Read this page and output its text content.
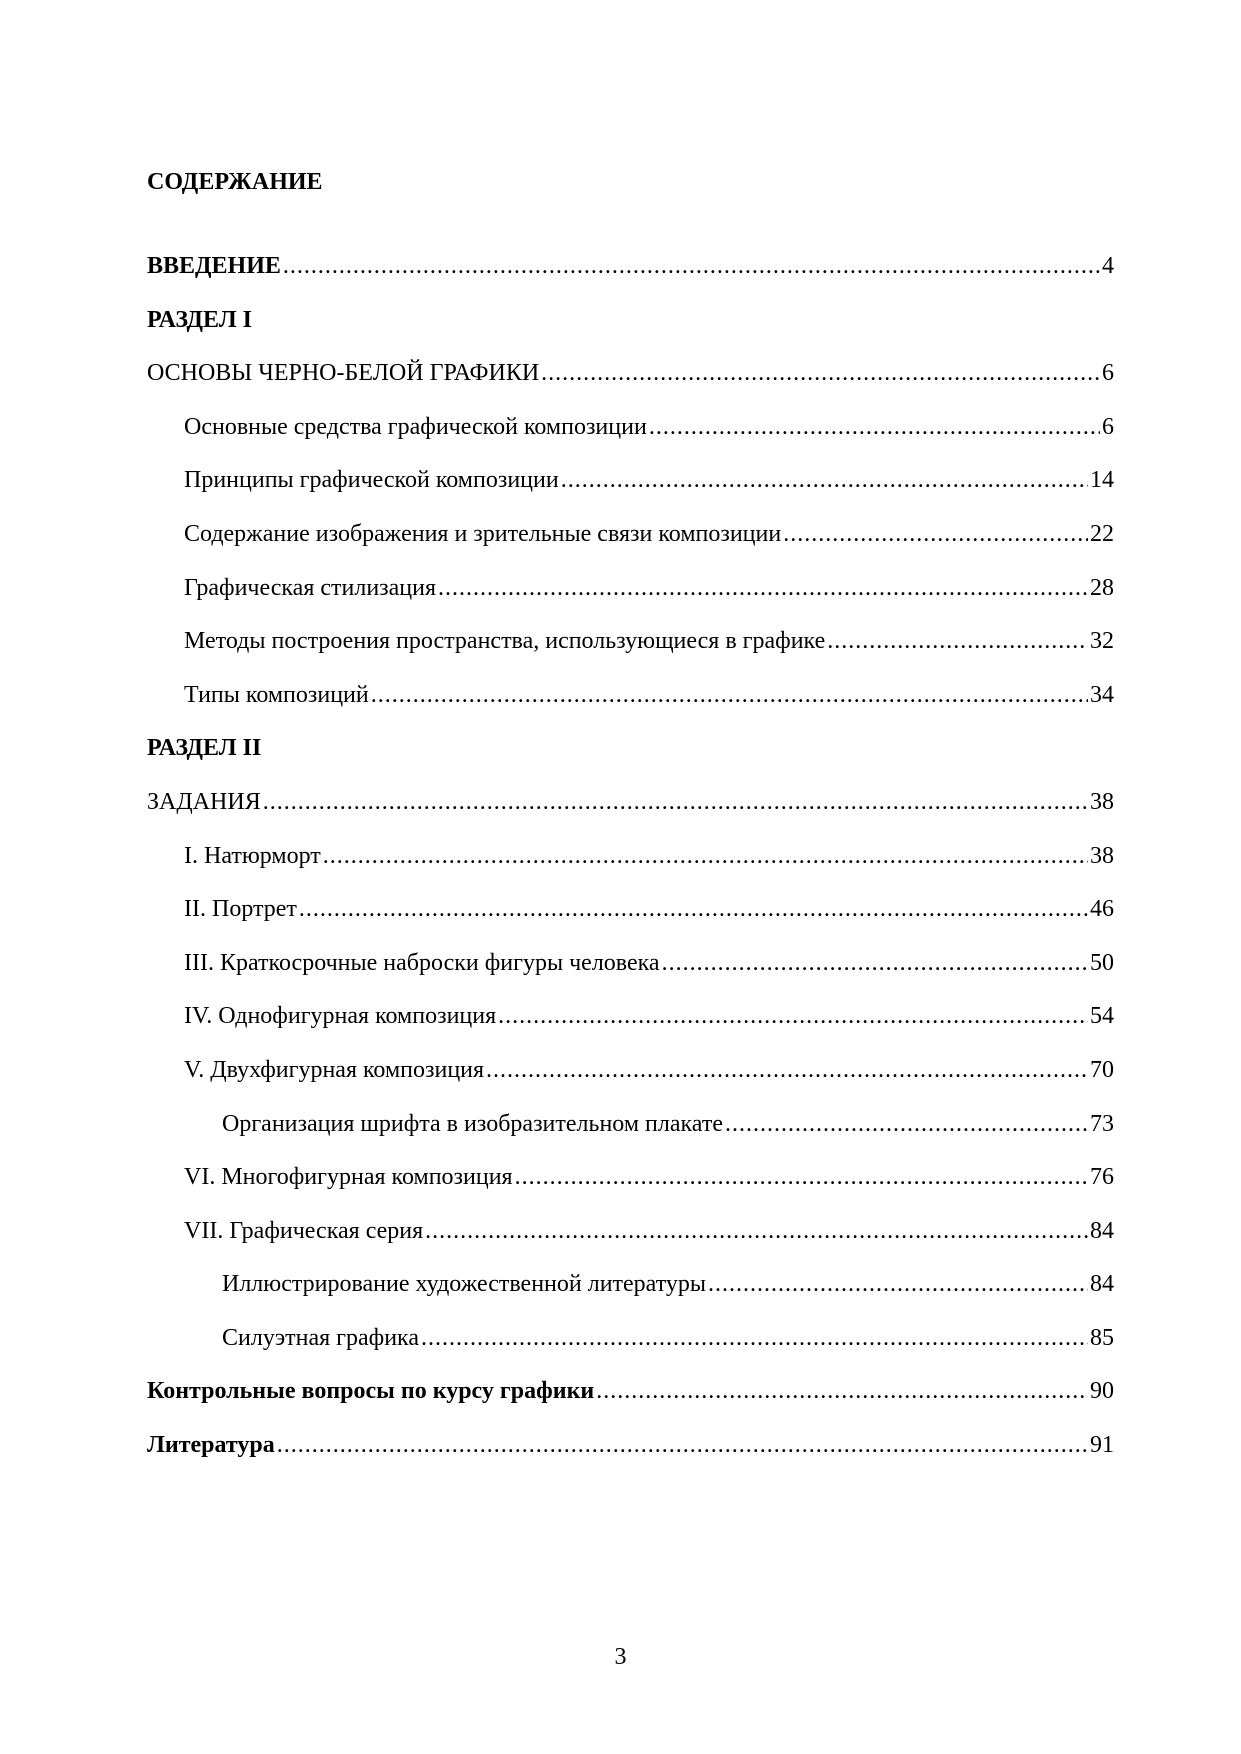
СОДЕРЖАНИЕ
ВВЕДЕНИЕ .....	4
РАЗДЕЛ I
ОСНОВЫ ЧЕРНО-БЕЛОЙ ГРАФИКИ .....	6
Основные средства графической композиции .....	6
Принципы графической композиции .....	14
Содержание изображения и зрительные связи композиции .....	22
Графическая стилизация .....	28
Методы построения пространства, использующиеся в графике .....	32
Типы композиций .....	34
РАЗДЕЛ II
ЗАДАНИЯ .....	38
I. Натюрморт .....	38
II. Портрет .....	46
III. Краткосрочные наброски фигуры человека .....	50
IV. Однофигурная композиция .....	54
V. Двухфигурная композиция .....	70
Организация шрифта в изобразительном плакате .....	73
VI. Многофигурная композиция .....	76
VII. Графическая серия .....	84
Иллюстрирование художественной литературы .....	84
Силуэтная графика .....	85
Контрольные вопросы по курсу графики .....	90
Литература .....	91
3
